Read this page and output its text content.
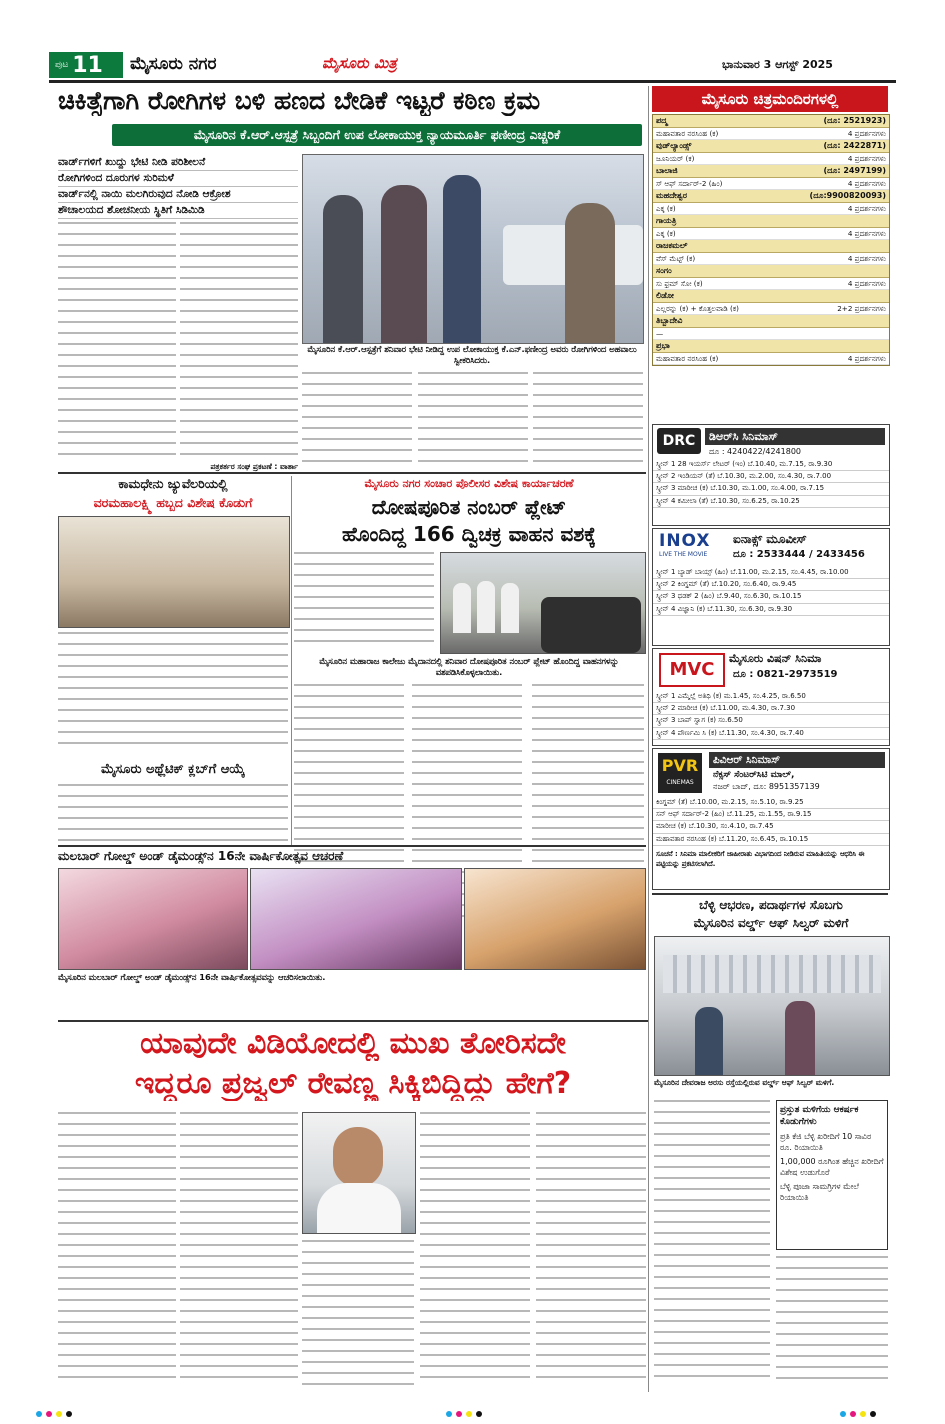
ಪುಟ 11 ಮೈಸೂರು ನಗರ	ಮೈಸೂರು ಮಿತ್ರ	ಭಾನುವಾರ 3 ಆಗಸ್ಟ್ 2025
ಚಿಕಿತ್ಸೆಗಾಗಿ ರೋಗಿಗಳ ಬಳಿ ಹಣದ ಬೇಡಿಕೆ ಇಟ್ಟರೆ ಕಠಿಣ ಕ್ರಮ
ಮೈಸೂರಿನ ಕೆ.ಆರ್.ಆಸ್ಪತ್ರೆ ಸಿಬ್ಬಂದಿಗೆ ಉಪ ಲೋಕಾಯುಕ್ತ ನ್ಯಾಯಮೂರ್ತಿ ಫಣೀಂದ್ರ ಎಚ್ಚರಿಕೆ
ವಾರ್ಡ್‌ಗಳಿಗೆ ಖುದ್ದು ಭೇಟಿ ನೀಡಿ ಪರಿಶೀಲನೆ
ರೋಗಿಗಳಿಂದ ದೂರುಗಳ ಸುರಿಮಳೆ
ವಾರ್ಡ್‌ನಲ್ಲಿ ನಾಯಿ ಮಲಗಿರುವುದ ನೋಡಿ ಆಕ್ರೋಶ
ಶೌಚಾಲಯದ ಶೋಚನೀಯ ಸ್ಥಿತಿಗೆ ಸಿಡಿಮಿಡಿ
ಮೈಸೂರಿನ ಕೆ.ಆರ್.ಆಸ್ಪತ್ರೆಗೆ ಶನಿವಾರ ಭೇಟಿ ನೀಡಿದ್ದ ಉಪ ಲೋಕಾಯುಕ್ತ ಕೆ.ಎನ್.ಫಣೀಂದ್ರ ಅವರು ರೋಗಿಗಳಿಂದ ಅಹವಾಲು ಸ್ವೀಕರಿಸಿದರು.
ಪತ್ರಕರ್ತರ ಸಂಘ ಪ್ರಕಟಣೆ : ವಾರ್ತಾ
ಮೈಸೂರು ಚಿತ್ರಮಂದಿರಗಳಲ್ಲಿ
ಪದ್ಮ	(ದೂ: 2521923)
ಮಹಾವತಾರ ನರಸಿಂಹ (ಕ)	4 ಪ್ರದರ್ಶನಗಳು
ವುಡ್‌ಲ್ಯಾಂಡ್ಸ್	(ದೂ: 2422871)
ಜೂನಿಯರ್ (ಕ)	4 ಪ್ರದರ್ಶನಗಳು
ಬಾಲಾಜಿ	(ದೂ: 2497199)
ಸ್ ಆಫ್ ಸರ್ದಾರ್-2 (ಹಿಂ)	4 ಪ್ರದರ್ಶನಗಳು
ಮಹದೇಶ್ವರ	(ದೂ:9900820093)
ಎಕ್ಕ (ಕ)	4 ಪ್ರದರ್ಶನಗಳು
ಗಾಯತ್ರಿ
ಎಕ್ಕ (ಕ)	4 ಪ್ರದರ್ಶನಗಳು
ರಾಜಕಮಲ್
ವೆಸ್ ಮೆಟ್ಟ್ (ಕ)	4 ಪ್ರದರ್ಶನಗಳು
ಸಂಗಂ
ಸು ಫ್ರಮ್ ಸೋ (ಕ)	4 ಪ್ರದರ್ಶನಗಳು
ಲಿಡೋ
ಎಲ್ಲರನ್ನು (ಕ) + ಕೊತ್ತಲವಾಡಿ (ಕ)	2+2 ಪ್ರದರ್ಶನಗಳು
ತಿಬ್ಬಾದೇವಿ
—
ಪ್ರಭಾ
ಮಹಾವತಾರ ನರಸಿಂಹ (ಕ)	4 ಪ್ರದರ್ಶನಗಳು
DRC	ಡಿಆರ್‌ಸಿ ಸಿನಿಮಾಸ್
ದೂ : 4240422/4241800
ಸ್ಕ್ರೀನ್ 1 28 ಇಯರ್ಸ್ ಲೇಟರ್ (ಇಂ) ಬೆ.10.40, ಮ.7.15, ರಾ.9.30
ಸ್ಕ್ರೀನ್ 2 ಇಂಡಿಯನ್ (ತೆ) ಬೆ.10.30, ಮ.2.00, ಸಂ.4.30, ರಾ.7.00
ಸ್ಕ್ರೀನ್ 3 ಮಾರೀಚ (ಕ) ಬೆ.10.30, ಮ.1.00, ಸಂ.4.00, ರಾ.7.15
ಸ್ಕ್ರೀನ್ 4 ಕಮೀಲಾ (ತೆ) ಬೆ.10.30, ಸಂ.6.25, ರಾ.10.25
INOX
LIVE THE MOVIE
ಐನಾಕ್ಸ್ ಮೂವೀಸ್
ದೂ : 2533444 / 2433456
ಸ್ಕ್ರೀನ್ 1 ಬ್ಯಾಡ್ ಬಾಯ್ಸ್ (ಹಿಂ) ಬೆ.11.00, ಮ.2.15, ಸಂ.4.45, ರಾ.10.00
ಸ್ಕ್ರೀನ್ 2 ಕಿಂಗ್ಡಮ್ (ತೆ) ಬೆ.10.20, ಸಂ.6.40, ರಾ.9.45
ಸ್ಕ್ರೀನ್ 3 ಧಡಕ್ 2 (ಹಿಂ) ಬೆ.9.40, ಸಂ.6.30, ರಾ.10.15
ಸ್ಕ್ರೀನ್ 4 ವಿಜ್ಞಾನಿ (ಕ) ಬೆ.11.30, ಸಂ.6.30, ರಾ.9.30
MVC
ಮೈಸೂರು ವಿಷನ್ ಸಿನಿಮಾ
ದೂ : 0821-2973519
ಸ್ಕ್ರೀನ್ 1 ಎಮ್ಮೆಲ್ಲೆ ಅತಿಥಿ (ಕ) ಮ.1.45, ಸಂ.4.25, ರಾ.6.50
ಸ್ಕ್ರೀನ್ 2 ಮಾರೀಚ (ಕ) ಬೆ.11.00, ಮ.4.30, ರಾ.7.30
ಸ್ಕ್ರೀನ್ 3 ಬಾಪ್ ಸ್ವಾಗ (ಕ) ಸಂ.6.50
ಸ್ಕ್ರೀನ್ 4 ಪೌರ್ಣಮಿ ಸಿ (ಕ) ಬೆ.11.30, ಸಂ.4.30, ರಾ.7.40
PVR
CINEMAS
ಪಿವಿಆರ್ ಸಿನಿಮಾಸ್
ನೆಕ್ಸಸ್ ಸೆಂಟರ್‌ಸಿಟಿ ಮಾಲ್,
ನಜರ್ ಬಾದ್, ದೂ: 8951357139
ಕಿಂಗ್ಡಮ್ (ತೆ) ಬೆ.10.00, ಮ.2.15, ಸಂ.5.10, ರಾ.9.25
ಸನ್ ಆಫ್ ಸರ್ದಾರ್-2 (ಹಿಂ) ಬೆ.11.25, ಮ.1.55, ರಾ.9.15
ಮಾರೀಚ (ಕ) ಬೆ.10.30, ಸಂ.4.10, ರಾ.7.45
ಮಹಾವತಾರ ನರಸಿಂಹ (ಕ) ಬೆ.11.20, ಸಂ.6.45, ರಾ.10.15
ಸೂಚನೆ : ಸಿನಿಮಾ ಮಾಲೀಕರಿಗೆ ಜಾಹೀರಾತು ವಿಭಾಗದಿಂದ ನೀಡಿರುವ ಮಾಹಿತಿಯನ್ನು ಆಧರಿಸಿ ಈ ಪಟ್ಟಿಯನ್ನು ಪ್ರಕಟಿಸಲಾಗಿದೆ.
ಕಾಮಧೇನು ಜ್ಯುವೆಲರಿಯಲ್ಲಿ
ವರಮಹಾಲಕ್ಷ್ಮಿ ಹಬ್ಬದ ವಿಶೇಷ ಕೊಡುಗೆ
ಮೈಸೂರು ನಗರ ಸಂಚಾರ ಪೊಲೀಸರ ವಿಶೇಷ ಕಾರ್ಯಾಚರಣೆ
ದೋಷಪೂರಿತ ನಂಬರ್ ಪ್ಲೇಟ್
ಹೊಂದಿದ್ದ 166 ದ್ವಿಚಕ್ರ ವಾಹನ ವಶಕ್ಕೆ
ಮೈಸೂರಿನ ಮಹಾರಾಜ ಕಾಲೇಜು ಮೈದಾನದಲ್ಲಿ ಶನಿವಾರ ದೋಷಪೂರಿತ ನಂಬರ್ ಪ್ಲೇಟ್ ಹೊಂದಿದ್ದ ವಾಹನಗಳನ್ನು ವಶಪಡಿಸಿಕೊಳ್ಳಲಾಯಿತು.
ಮೈಸೂರು ಅಥ್ಲೆಟಿಕ್ ಕ್ಲಬ್‌ಗೆ ಆಯ್ಕೆ
ಮಲಬಾರ್ ಗೋಲ್ಡ್ ಅಂಡ್ ಡೈಮಂಡ್ಸ್‌ನ 16ನೇ ವಾರ್ಷಿಕೋತ್ಸವ ಆಚರಣೆ
ಮೈಸೂರಿನ ಮಲಬಾರ್ ಗೋಲ್ಡ್ ಅಂಡ್ ಡೈಮಂಡ್ಸ್‌ನ 16ನೇ ವಾರ್ಷಿಕೋತ್ಸವವನ್ನು ಆಚರಿಸಲಾಯಿತು.
ಬೆಳ್ಳಿ ಆಭರಣ, ಪದಾರ್ಥಗಳ ಸೊಬಗು
ಮೈಸೂರಿನ ವರ್ಲ್ಡ್ ಆಫ್ ಸಿಲ್ವರ್ ಮಳಿಗೆ
ಮೈಸೂರಿನ ದೇವರಾಜ ಅರಸು ರಸ್ತೆಯಲ್ಲಿರುವ ವರ್ಲ್ಡ್ ಆಫ್ ಸಿಲ್ವರ್ ಮಳಿಗೆ.
ಪ್ರಸ್ತುತ ಮಳಿಗೆಯ ಆಕರ್ಷಕ ಕೊಡುಗೆಗಳು
ಪ್ರತಿ ಕೆಜಿ ಬೆಳ್ಳಿ ಖರೀದಿಗೆ 10 ಸಾವಿರ ರೂ. ರಿಯಾಯಿತಿ
1,00,000 ರೂಗಿಂತ ಹೆಚ್ಚಿನ ಖರೀದಿಗೆ ವಿಶೇಷ ಉಡುಗೊರೆ
ಬೆಳ್ಳಿ ಪೂಜಾ ಸಾಮಗ್ರಿಗಳ ಮೇಲೆ ರಿಯಾಯಿತಿ
ಯಾವುದೇ ವಿಡಿಯೋದಲ್ಲಿ ಮುಖ ತೋರಿಸದೇ
ಇದ್ದರೂ ಪ್ರಜ್ವಲ್ ರೇವಣ್ಣ ಸಿಕ್ಕಿಬಿದ್ದಿದ್ದು ಹೇಗೆ?
